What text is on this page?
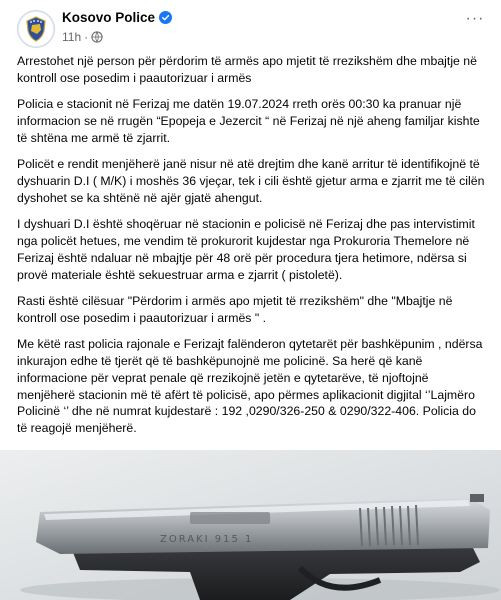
Kosovo Police
11h ·
···

Arrestohet një person për përdorim të armës apo mjetit të rrezikshëm dhe mbajtje në kontroll ose posedim i paautorizuar i armës

Policia e stacionit në Ferizaj me datën 19.07.2024 rreth orës 00:30 ka pranuar një informacion se në rrugën “Epopeja e Jezercit “ në Ferizaj në një aheng familjar kishte të shtëna me armë të zjarrit.

Policët e rendit menjëherë janë nisur në atë drejtim dhe kanë arritur të identifikojnë të dyshuarin D.I ( M/K) i moshës 36 vjeçar, tek i cili është gjetur arma e zjarrit me të cilën dyshohet se ka shtënë në ajër gjatë ahengut.

I dyshuari D.I është shoqëruar në stacionin e policisë në Ferizaj dhe pas intervistimit nga policët hetues, me vendim të prokurorit kujdestar nga Prokuroria Themelore në Ferizaj është ndaluar në mbajtje për 48 orë për procedura tjera hetimore, ndërsa si provë materiale është sekuestruar arma e zjarrit ( pistoletë).

Rasti është cilësuar "Përdorim i armës apo mjetit të rrezikshëm" dhe "Mbajtje në kontroll ose posedim i paautorizuar i armës " .

Me këtë rast policia rajonale e Ferizajt falënderon qytetarët për bashkëpunim , ndërsa inkurajon edhe të tjerët që të bashkëpunojnë me policinë. Sa herë që kanë informacione për veprat penale që rrezikojnë jetën e qytetarëve, të njoftojnë menjëherë stacionin më të afërt të policisë, apo përmes aplikacionit digjital ‘’Lajmëro Policinë ‘’ dhe në numrat kujdestarë : 192 ,0290/326-250 & 0290/322-406. Policia do të reagojë menjëherë.

ZORAKI 915 1
